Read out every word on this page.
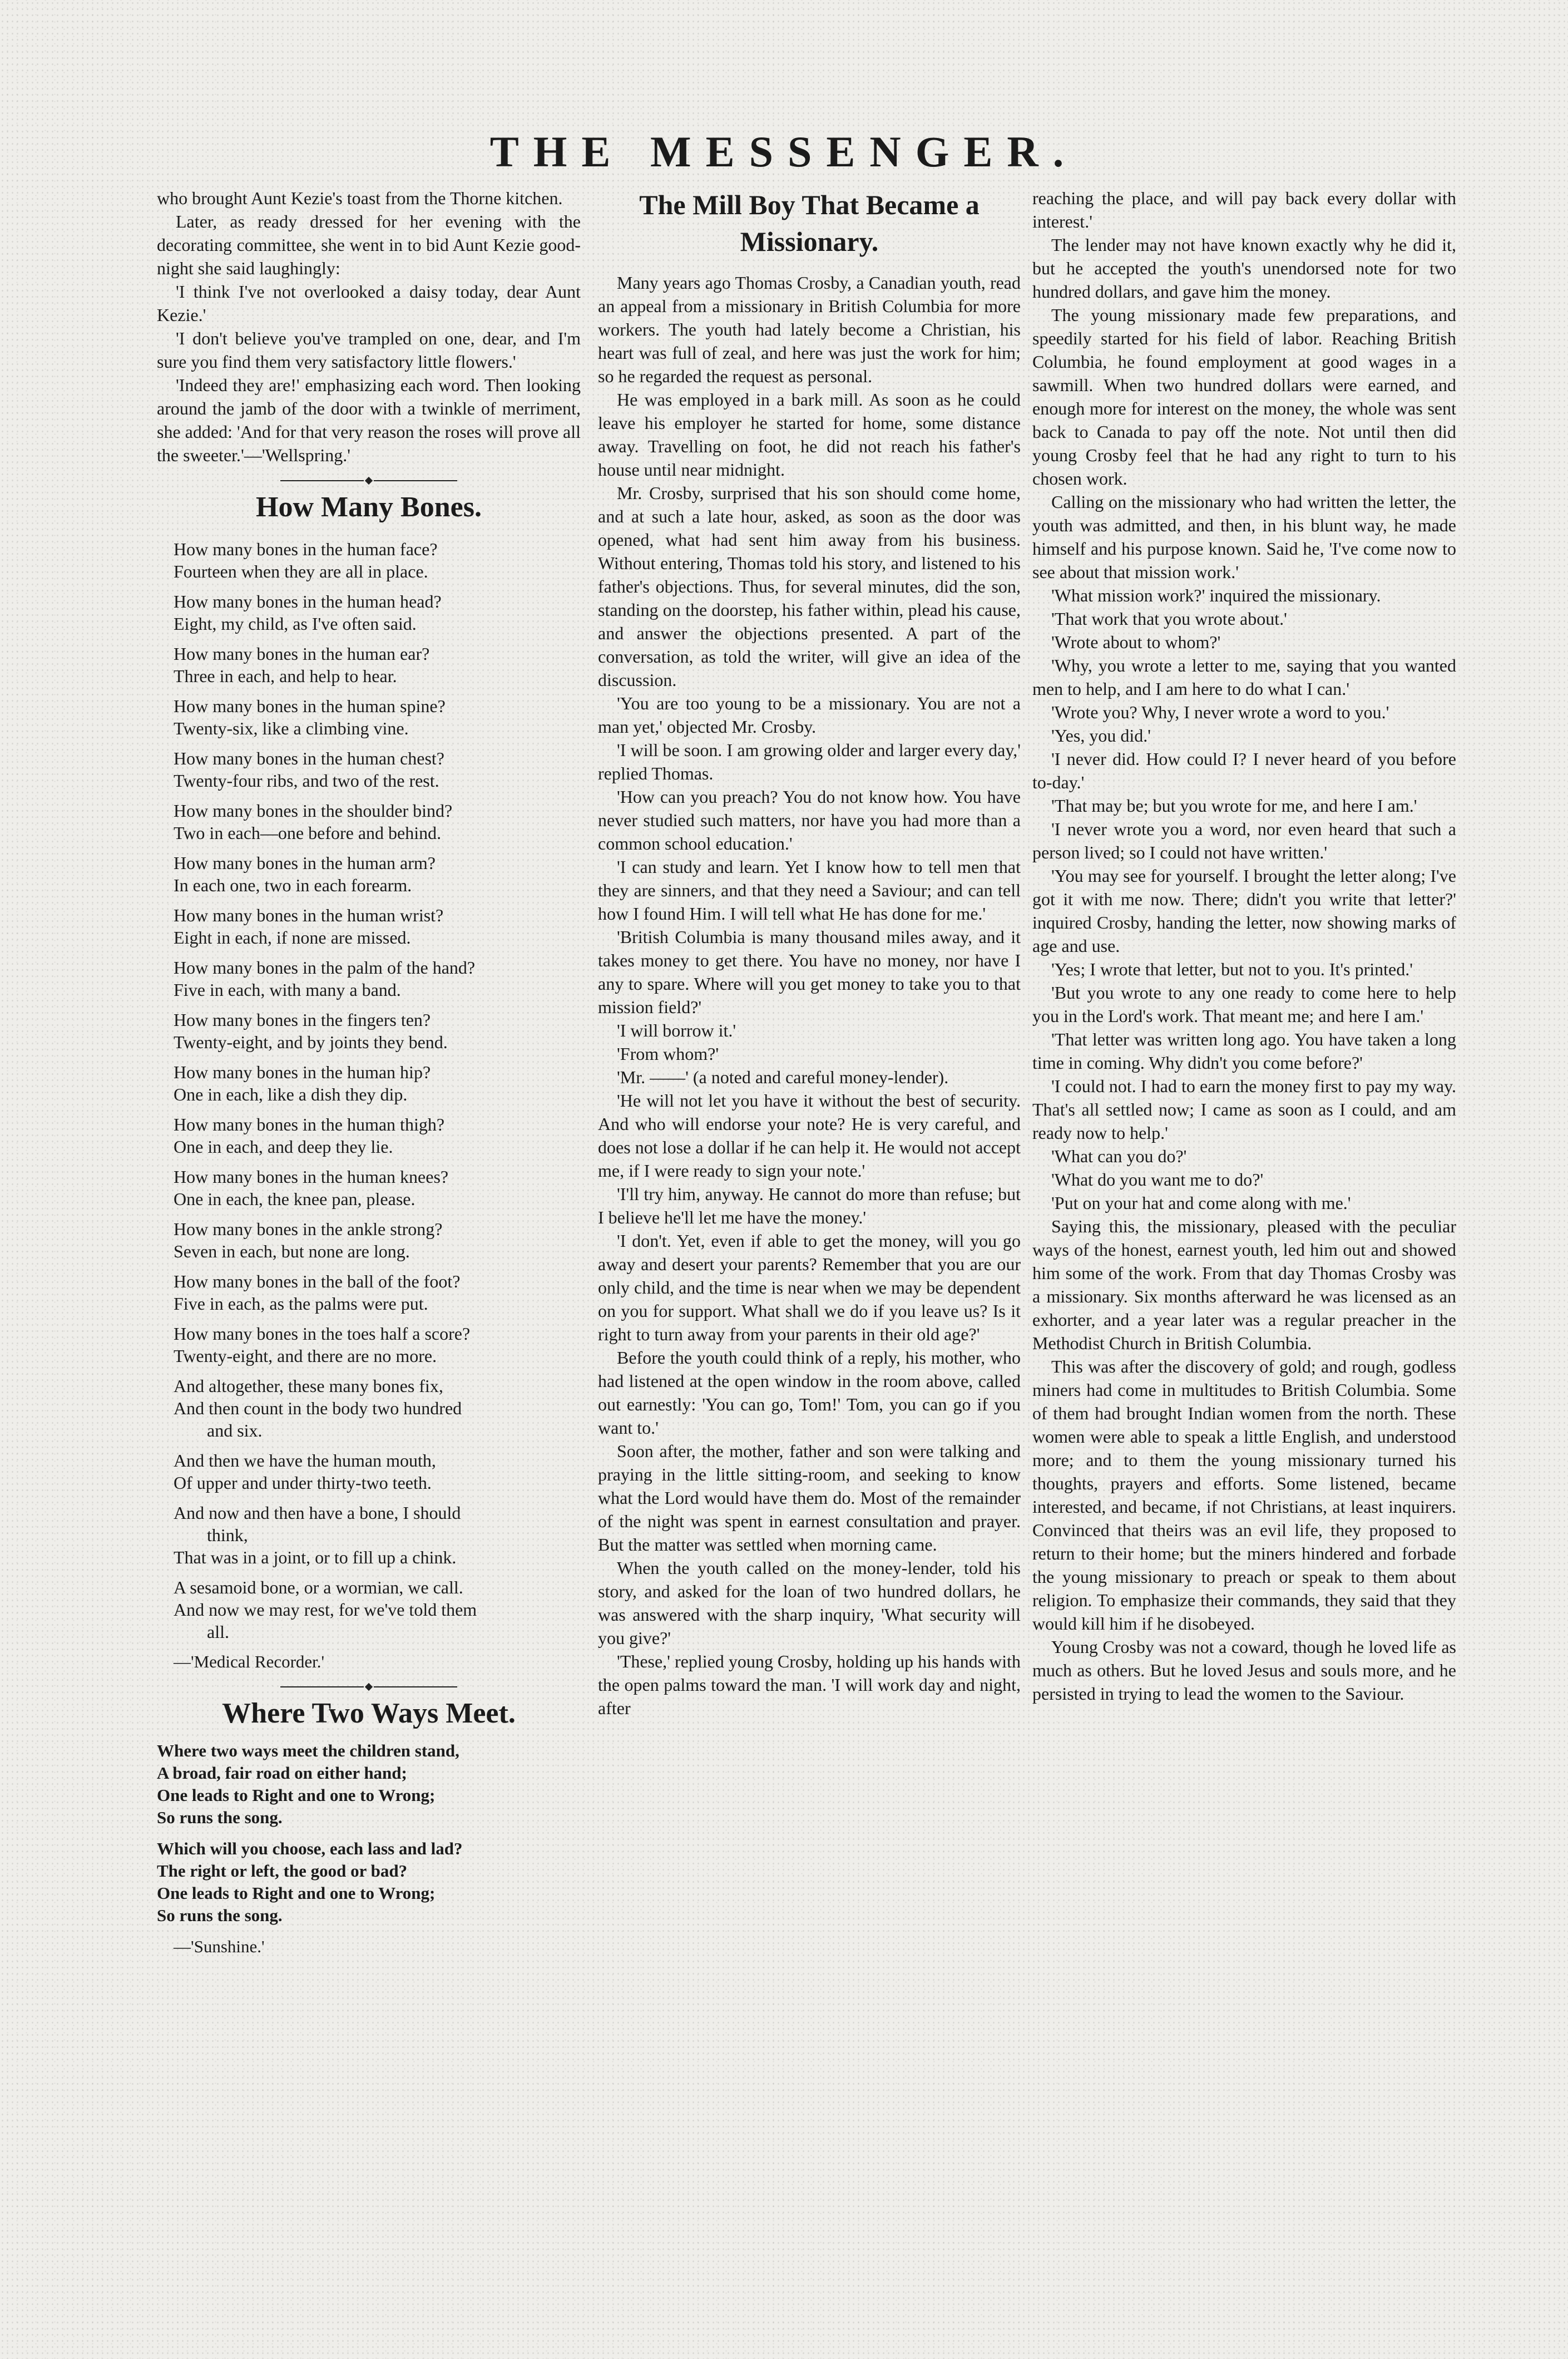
THE MESSENGER.

who brought Aunt Kezie's toast from the Thorne kitchen.

Later, as ready dressed for her evening with the decorating committee, she went in to bid Aunt Kezie good-night she said laughingly:

'I think I've not overlooked a daisy today, dear Aunt Kezie.'

'I don't believe you've trampled on one, dear, and I'm sure you find them very satisfactory little flowers.'

'Indeed they are!' emphasizing each word. Then looking around the jamb of the door with a twinkle of merriment, she added: 'And for that very reason the roses will prove all the sweeter.'—'Wellspring.'

How Many Bones.
How many bones in the human face?
Fourteen when they are all in place.
How many bones in the human head?
Eight, my child, as I've often said.
How many bones in the human ear?
Three in each, and help to hear.
How many bones in the human spine?
Twenty-six, like a climbing vine.
How many bones in the human chest?
Twenty-four ribs, and two of the rest.
How many bones in the shoulder bind?
Two in each—one before and behind.
How many bones in the human arm?
In each one, two in each forearm.
How many bones in the human wrist?
Eight in each, if none are missed.
How many bones in the palm of the hand?
Five in each, with many a band.
How many bones in the fingers ten?
Twenty-eight, and by joints they bend.
How many bones in the human hip?
One in each, like a dish they dip.
How many bones in the human thigh?
One in each, and deep they lie.
How many bones in the human knees?
One in each, the knee pan, please.
How many bones in the ankle strong?
Seven in each, but none are long.
How many bones in the ball of the foot?
Five in each, as the palms were put.
How many bones in the toes half a score?
Twenty-eight, and there are no more.
And altogether, these many bones fix,
And then count in the body two hundred
and six.
And then we have the human mouth,
Of upper and under thirty-two teeth.
And now and then have a bone, I should
think,
That was in a joint, or to fill up a chink.
A sesamoid bone, or a wormian, we call.
And now we may rest, for we've told them
all.
—'Medical Recorder.'
Where Two Ways Meet.
Where two ways meet the children stand,
A broad, fair road on either hand;
One leads to Right and one to Wrong;
So runs the song.
Which will you choose, each lass and lad?
The right or left, the good or bad?
One leads to Right and one to Wrong;
So runs the song.
—'Sunshine.'
The Mill Boy That Became a
Missionary.

Many years ago Thomas Crosby, a Canadian youth, read an appeal from a missionary in British Columbia for more workers. The youth had lately become a Christian, his heart was full of zeal, and here was just the work for him; so he regarded the request as personal.

He was employed in a bark mill. As soon as he could leave his employer he started for home, some distance away. Travelling on foot, he did not reach his father's house until near midnight.

Mr. Crosby, surprised that his son should come home, and at such a late hour, asked, as soon as the door was opened, what had sent him away from his business. Without entering, Thomas told his story, and listened to his father's objections. Thus, for several minutes, did the son, standing on the doorstep, his father within, plead his cause, and answer the objections presented. A part of the conversation, as told the writer, will give an idea of the discussion.

'You are too young to be a missionary. You are not a man yet,' objected Mr. Crosby.

'I will be soon. I am growing older and larger every day,' replied Thomas.

'How can you preach? You do not know how. You have never studied such matters, nor have you had more than a common school education.'

'I can study and learn. Yet I know how to tell men that they are sinners, and that they need a Saviour; and can tell how I found Him. I will tell what He has done for me.'

'British Columbia is many thousand miles away, and it takes money to get there. You have no money, nor have I any to spare. Where will you get money to take you to that mission field?'

'I will borrow it.'

'From whom?'

'Mr. ——' (a noted and careful money-lender).

'He will not let you have it without the best of security. And who will endorse your note? He is very careful, and does not lose a dollar if he can help it. He would not accept me, if I were ready to sign your note.'

'I'll try him, anyway. He cannot do more than refuse; but I believe he'll let me have the money.'

'I don't. Yet, even if able to get the money, will you go away and desert your parents? Remember that you are our only child, and the time is near when we may be dependent on you for support. What shall we do if you leave us? Is it right to turn away from your parents in their old age?'

Before the youth could think of a reply, his mother, who had listened at the open window in the room above, called out earnestly: 'You can go, Tom!' Tom, you can go if you want to.'

Soon after, the mother, father and son were talking and praying in the little sitting-room, and seeking to know what the Lord would have them do. Most of the remainder of the night was spent in earnest consultation and prayer. But the matter was settled when morning came.

When the youth called on the money-lender, told his story, and asked for the loan of two hundred dollars, he was answered with the sharp inquiry, 'What security will you give?'

'These,' replied young Crosby, holding up his hands with the open palms toward the man. 'I will work day and night, after

reaching the place, and will pay back every dollar with interest.'

The lender may not have known exactly why he did it, but he accepted the youth's unendorsed note for two hundred dollars, and gave him the money.

The young missionary made few preparations, and speedily started for his field of labor. Reaching British Columbia, he found employment at good wages in a sawmill. When two hundred dollars were earned, and enough more for interest on the money, the whole was sent back to Canada to pay off the note. Not until then did young Crosby feel that he had any right to turn to his chosen work.

Calling on the missionary who had written the letter, the youth was admitted, and then, in his blunt way, he made himself and his purpose known. Said he, 'I've come now to see about that mission work.'

'What mission work?' inquired the missionary.

'That work that you wrote about.'

'Wrote about to whom?'

'Why, you wrote a letter to me, saying that you wanted men to help, and I am here to do what I can.'

'Wrote you? Why, I never wrote a word to you.'

'Yes, you did.'

'I never did. How could I? I never heard of you before to-day.'

'That may be; but you wrote for me, and here I am.'

'I never wrote you a word, nor even heard that such a person lived; so I could not have written.'

'You may see for yourself. I brought the letter along; I've got it with me now. There; didn't you write that letter?' inquired Crosby, handing the letter, now showing marks of age and use.

'Yes; I wrote that letter, but not to you. It's printed.'

'But you wrote to any one ready to come here to help you in the Lord's work. That meant me; and here I am.'

'That letter was written long ago. You have taken a long time in coming. Why didn't you come before?'

'I could not. I had to earn the money first to pay my way. That's all settled now; I came as soon as I could, and am ready now to help.'

'What can you do?'

'What do you want me to do?'

'Put on your hat and come along with me.'

Saying this, the missionary, pleased with the peculiar ways of the honest, earnest youth, led him out and showed him some of the work. From that day Thomas Crosby was a missionary. Six months afterward he was licensed as an exhorter, and a year later was a regular preacher in the Methodist Church in British Columbia.

This was after the discovery of gold; and rough, godless miners had come in multitudes to British Columbia. Some of them had brought Indian women from the north. These women were able to speak a little English, and understood more; and to them the young missionary turned his thoughts, prayers and efforts. Some listened, became interested, and became, if not Christians, at least inquirers. Convinced that theirs was an evil life, they proposed to return to their home; but the miners hindered and forbade the young missionary to preach or speak to them about religion. To emphasize their commands, they said that they would kill him if he disobeyed.

Young Crosby was not a coward, though he loved life as much as others. But he loved Jesus and souls more, and he persisted in trying to lead the women to the Saviour.
